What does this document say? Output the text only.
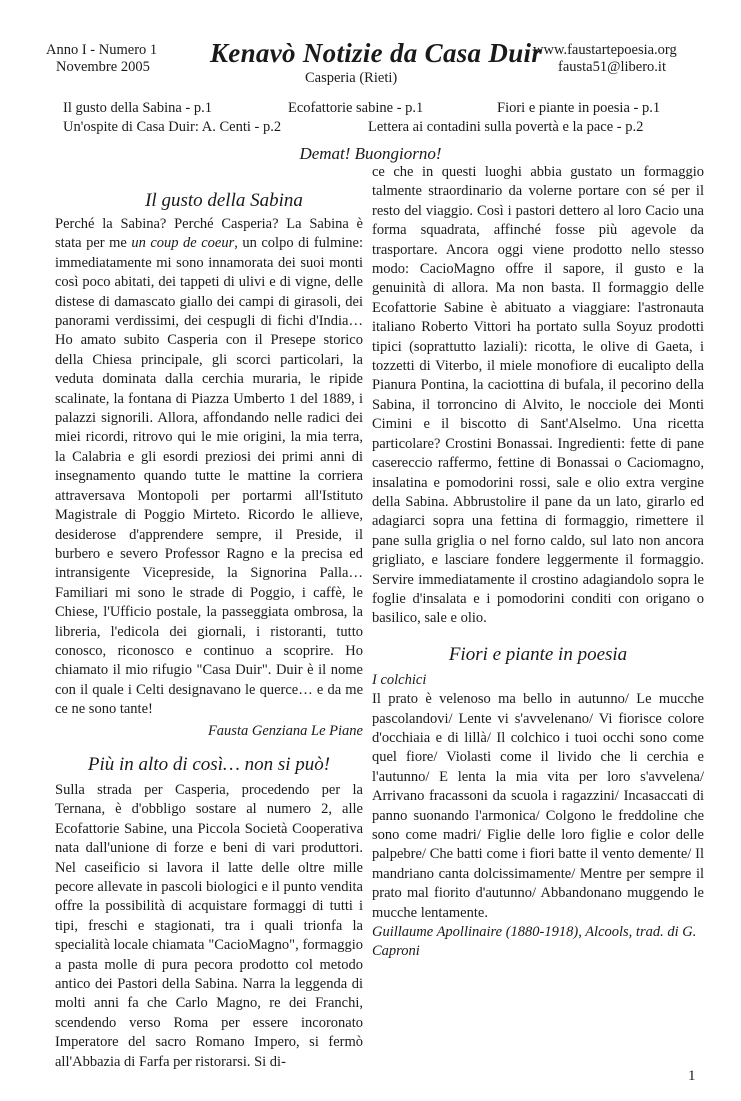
Anno I - Numero 1
Novembre 2005 Kenavò Notizie da Casa Duir
Casperia (Rieti)
www.faustartepoesia.org
fausta51@libero.it
Il gusto della Sabina - p.1	Ecofattorie sabine - p.1	Fiori e piante in poesia - p.1
Un'ospite di Casa Duir: A. Centi - p.2	Lettera ai contadini sulla povertà e la pace - p.2
Demat! Buongiorno!
Il gusto della Sabina

Perché la Sabina? Perché Casperia? La Sabina è stata per me un coup de coeur, un colpo di fulmine: immediatamente mi sono innamorata dei suoi monti così poco abitati, dei tappeti di ulivi e di vigne, delle distese di damascato giallo dei campi di girasoli, dei panorami verdissimi, dei cespugli di fichi d'India… Ho amato subito Casperia con il Presepe storico della Chiesa principale, gli scorci particolari, la veduta dominata dalla cerchia muraria, le ripide scalinate, la fontana di Piazza Umberto 1 del 1889, i palazzi signorili. Allora, affondando nelle radici dei miei ricordi, ritrovo qui le mie origini, la mia terra, la Calabria e gli esordi preziosi dei primi anni di insegnamento quando tutte le mattine la corriera attraversava Montopoli per portarmi all'Istituto Magistrale di Poggio Mirteto. Ricordo le allieve, desiderose d'apprendere sempre, il Preside, il burbero e severo Professor Ragno e la precisa ed intransigente Vicepreside, la Signorina Palla… Familiari mi sono le strade di Poggio, i caffè, le Chiese, l'Ufficio postale, la passeggiata ombrosa, la libreria, l'edicola dei giornali, i ristoranti, tutto conosco, riconosco e continuo a scoprire. Ho chiamato il mio rifugio "Casa Duir". Duir è il nome con il quale i Celti designavano le querce… e da me ce ne sono tante!

Fausta Genziana Le Piane
Più in alto di così… non si può!

Sulla strada per Casperia, procedendo per la Ternana, è d'obbligo sostare al numero 2, alle Ecofattorie Sabine, una Piccola Società Cooperativa nata dall'unione di forze e beni di vari produttori. Nel caseificio si lavora il latte delle oltre mille pecore allevate in pascoli biologici e il punto vendita offre la possibilità di acquistare formaggi di tutti i tipi, freschi e stagionati, tra i quali trionfa la specialità locale chiamata "CacioMagno", formaggio a pasta molle di pura pecora prodotto col metodo antico dei Pastori della Sabina. Narra la leggenda di molti anni fa che Carlo Magno, re dei Franchi, scendendo verso Roma per essere incoronato Imperatore del sacro Romano Impero, si fermò all'Abbazia di Farfa per ristorarsi. Si di-

ce che in questi luoghi abbia gustato un formaggio talmente straordinario da volerne portare con sé per il resto del viaggio. Così i pastori dettero al loro Cacio una forma squadrata, affinché fosse più agevole da trasportare. Ancora oggi viene prodotto nello stesso modo: CacioMagno offre il sapore, il gusto e la genuinità di allora. Ma non basta. Il formaggio delle Ecofattorie Sabine è abituato a viaggiare: l'astronauta italiano Roberto Vittori ha portato sulla Soyuz prodotti tipici (soprattutto laziali): ricotta, le olive di Gaeta, i tozzetti di Viterbo, il miele monofiore di eucalipto della Pianura Pontina, la caciottina di bufala, il pecorino della Sabina, il torroncino di Alvito, le nocciole dei Monti Cimini e il biscotto di Sant'Alselmo. Una ricetta particolare? Crostini Bonassai. Ingredienti: fette di pane casereccio raffermo, fettine di Bonassai o Caciomagno, insalatina e pomodorini rossi, sale e olio extra vergine della Sabina. Abbrustolire il pane da un lato, girarlo ed adagiarci sopra una fettina di formaggio, rimettere il pane sulla griglia o nel forno caldo, sul lato non ancora grigliato, e lasciare fondere leggermente il formaggio. Servire immediatamente il crostino adagiandolo sopra le foglie d'insalata e i pomodorini conditi con origano o basilico, sale e olio.

Fiori e piante in poesia
I colchici

Il prato è velenoso ma bello in autunno/ Le mucche pascolandovi/ Lente vi s'avvelenano/ Vi fiorisce colore d'occhiaia e di lillà/ Il colchico i tuoi occhi sono come quel fiore/ Violasti come il livido che li cerchia e l'autunno/ E lenta la mia vita per loro s'avvelena/ Arrivano fracassoni da scuola i ragazzini/ Incasaccati di panno suonando l'armonica/ Colgono le freddoline che sono come madri/ Figlie delle loro figlie e color delle palpebre/ Che batti come i fiori batte il vento demente/ Il mandriano canta dolcissimamente/ Mentre per sempre il prato mal fiorito d'autunno/ Abbandonano muggendo le mucche lentamente.

Guillaume Apollinaire (1880-1918), Alcools, trad. di G. Caproni
1
